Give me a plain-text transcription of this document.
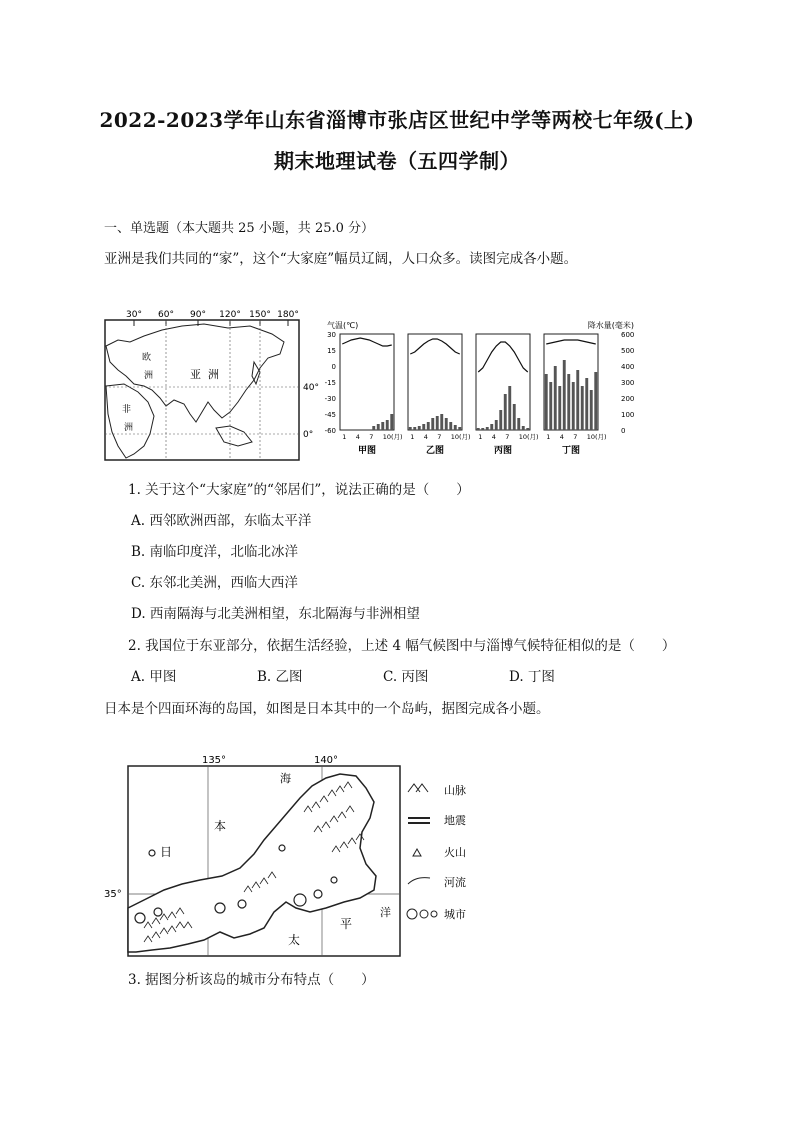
2022-2023学年山东省淄博市张店区世纪中学等两校七年级(上)
期末地理试卷（五四学制）
一、单选题（本大题共 25 小题，共 25.0 分）
亚洲是我们共同的“家”，这个“大家庭”幅员辽阔，人口众多。读图完成各小题。
30° 60° 90° 120° 150° 180°
40°
0°
欧
洲	亚 洲
非
洲
气温(℃)	降水量(毫米)
30
15
0
-15
-30
-45
-60
600
500
400
300
200
100
0
1 4 7 10(月)
甲图
1 4 7 10(月)
乙图
1 4 7 10(月)
丙图
1 4 7 10(月)
丁图
1. 关于这个“大家庭”的“邻居们”，说法正确的是（　　）
A. 西邻欧洲西部，东临太平洋
B. 南临印度洋，北临北冰洋
C. 东邻北美洲，西临大西洋
D. 西南隔海与北美洲相望，东北隔海与非洲相望
2. 我国位于东亚部分，依据生活经验，上述 4 幅气候图中与淄博气候特征相似的是（　　）
A. 甲图	B. 乙图	C. 丙图	D. 丁图
日本是个四面环海的岛国，如图是日本其中的一个岛屿，据图完成各小题。
135°	140°
35°
海
本
日
太
平
洋
山脉
地震
火山
河流
城市
3. 据图分析该岛的城市分布特点（　　）
